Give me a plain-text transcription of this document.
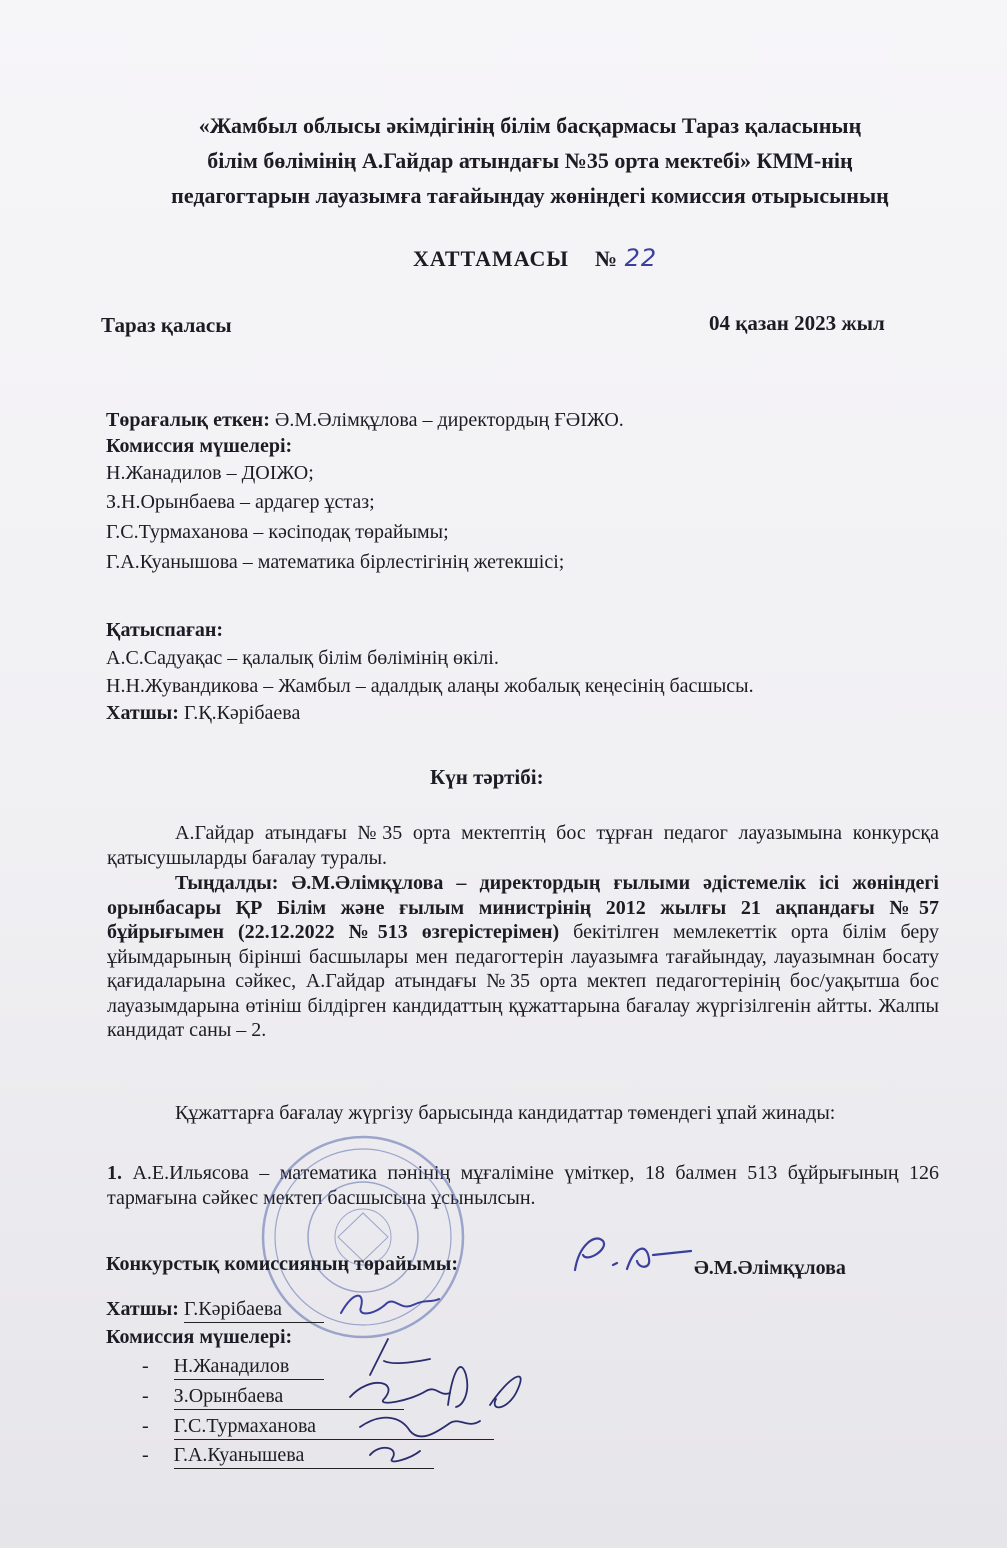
«Жамбыл облысы әкімдігінің білім басқармасы Тараз қаласының
білім бөлімінің А.Гайдар атындағы №35 орта мектебі» КММ-нің
педагогтарын лауазымға тағайындау жөніндегі комиссия отырысының
ХАТТАМАСЫ № 22
Тараз қаласы	04 қазан 2023 жыл
Төрағалық еткен: Ә.М.Әлімқұлова – директордың ҒӘІЖО.
Комиссия мүшелері:
Н.Жанадилов – ДОІЖО;
З.Н.Орынбаева – ардагер ұстаз;
Г.С.Турмаханова – кәсіподақ төрайымы;
Г.А.Куанышова – математика бірлестігінің жетекшісі;
Қатыспаған:
А.С.Садуақас – қалалық білім бөлімінің өкілі.
Н.Н.Жувандикова – Жамбыл – адалдық алаңы жобалық кеңесінің басшысы.
Хатшы: Г.Қ.Кәрібаева
Күн тәртібі:
А.Гайдар атындағы №35 орта мектептің бос тұрған педагог лауазымына конкурсқа қатысушыларды бағалау туралы.
Тыңдалды: Ә.М.Әлімқұлова – директордың ғылыми әдістемелік ісі жөніндегі орынбасары ҚР Білім және ғылым министрінің 2012 жылғы 21 ақпандағы №57 бұйрығымен (22.12.2022 №513 өзгерістерімен) бекітілген мемлекеттік орта білім беру ұйымдарының бірінші басшылары мен педагогтерін лауазымға тағайындау, лауазымнан босату қағидаларына сәйкес, А.Гайдар атындағы №35 орта мектеп педагогтерінің бос/уақытша бос лауазымдарына өтініш білдірген кандидаттың құжаттарына бағалау жүргізілгенін айтты. Жалпы кандидат саны – 2.
Құжаттарға бағалау жүргізу барысында кандидаттар төмендегі ұпай жинады:
1. А.Е.Ильясова – математика пәнінің мұғаліміне үміткер, 18 балмен 513 бұйрығының 126 тармағына сәйкес мектеп басшысына ұсынылсын.
Конкурстық комиссияның төрайымы:	Ә.М.Әлімқұлова
Хатшы: Г.Кәрібаева
Комиссия мүшелері:
- Н.Жанадилов
- З.Орынбаева
- Г.С.Турмаханова
- Г.А.Куанышева
